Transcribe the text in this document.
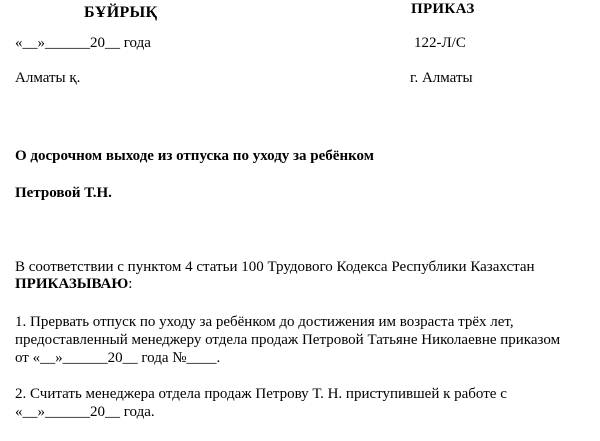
БҰЙРЫҚ	ПРИКАЗ
«__»______20__ года	122-Л/С
Алматы қ.	г. Алматы
О досрочном выходе из отпуска по уходу за ребёнком
Петровой Т.Н.
В соответствии с пунктом 4 статьи 100 Трудового Кодекса Республики Казахстан
ПРИКАЗЫВАЮ:
1. Прервать отпуск по уходу за ребёнком до достижения им возраста трёх лет,
предоставленный менеджеру отдела продаж Петровой Татьяне Николаевне приказом
от «__»______20__ года №____.
2. Считать менеджера отдела продаж Петрову Т. Н. приступившей к работе с
«__»______20__ года.
